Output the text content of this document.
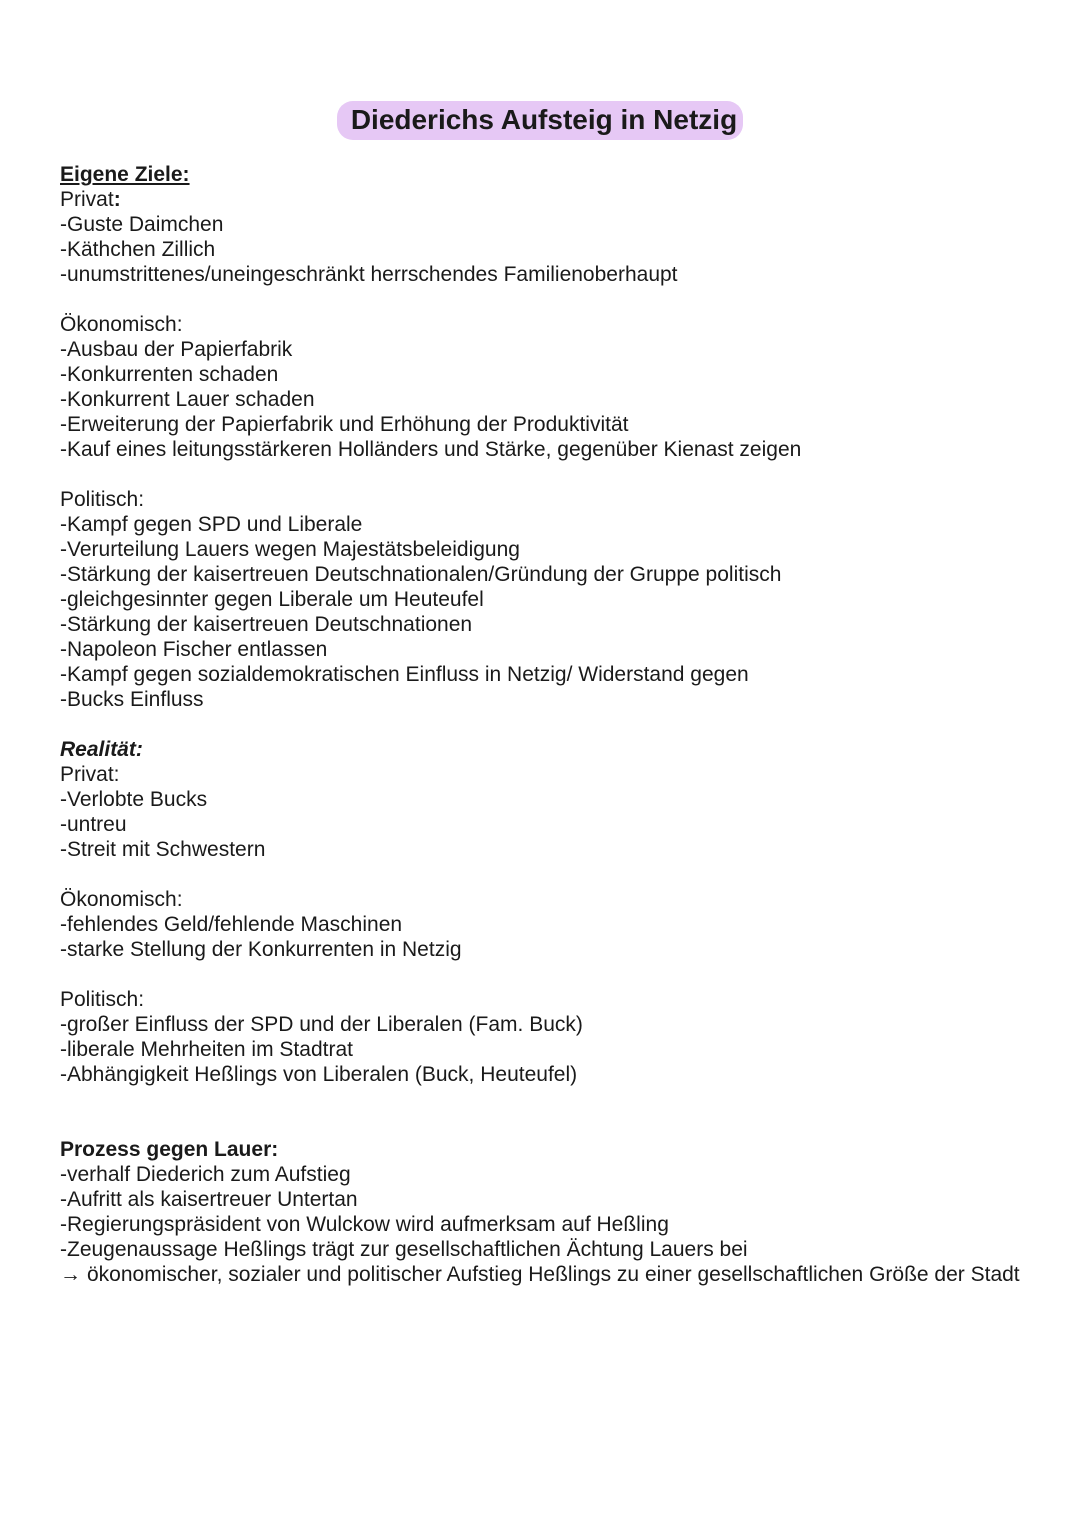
Diederichs Aufsteig in Netzig
Eigene Ziele:
Privat:
-Guste Daimchen
-Käthchen Zillich
-unumstrittenes/uneingeschränkt herrschendes Familienoberhaupt
Ökonomisch:
-Ausbau der Papierfabrik
-Konkurrenten schaden
-Konkurrent Lauer schaden
-Erweiterung der Papierfabrik und Erhöhung der Produktivität
-Kauf eines leitungsstärkeren Holländers und Stärke, gegenüber Kienast zeigen
Politisch:
-Kampf gegen SPD und Liberale
-Verurteilung Lauers wegen Majestätsbeleidigung
-Stärkung der kaisertreuen Deutschnationalen/Gründung der Gruppe politisch
-gleichgesinnter gegen Liberale um Heuteufel
-Stärkung der kaisertreuen Deutschnationen
-Napoleon Fischer entlassen
-Kampf gegen sozialdemokratischen Einfluss in Netzig/ Widerstand gegen
-Bucks Einfluss
Realität:
Privat:
-Verlobte Bucks
-untreu
-Streit mit Schwestern
Ökonomisch:
-fehlendes Geld/fehlende Maschinen
-starke Stellung der Konkurrenten in Netzig
Politisch:
-großer Einfluss der SPD und der Liberalen (Fam. Buck)
-liberale Mehrheiten im Stadtrat
-Abhängigkeit Heßlings von Liberalen (Buck, Heuteufel)
Prozess gegen Lauer:
-verhalf Diederich zum Aufstieg
-Aufritt als kaisertreuer Untertan
-Regierungspräsident von Wulckow wird aufmerksam auf Heßling
-Zeugenaussage Heßlings trägt zur gesellschaftlichen Ächtung Lauers bei
→ ökonomischer, sozialer und politischer Aufstieg Heßlings zu einer gesellschaftlichen Größe der Stadt
